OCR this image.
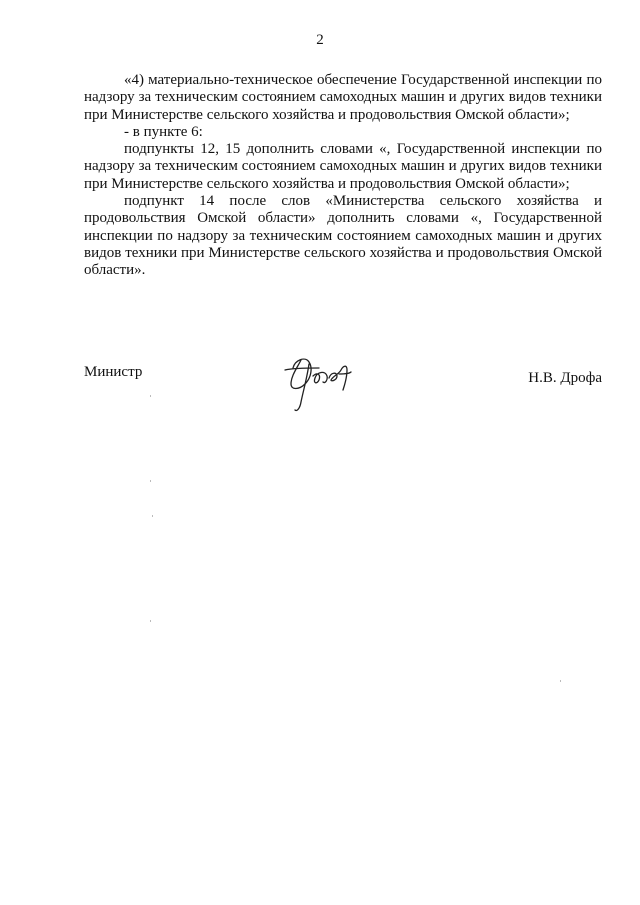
2

«4) материально-техническое обеспечение Государственной инспекции по надзору за техническим состоянием самоходных машин и других видов техники при Министерстве сельского хозяйства и продовольствия Омской области»;

- в пункте 6:

подпункты 12, 15 дополнить словами «, Государственной инспекции по надзору за техническим состоянием самоходных машин и других видов техники при Министерстве сельского хозяйства и продовольствия Омской области»;

подпункт 14 после слов «Министерства сельского хозяйства и продовольствия Омской области» дополнить словами «, Государственной инспекции по надзору за техническим состоянием самоходных машин и других видов техники при Министерстве сельского хозяйства и продовольствия Омской области».

Министр	Н.В. Дрофа
